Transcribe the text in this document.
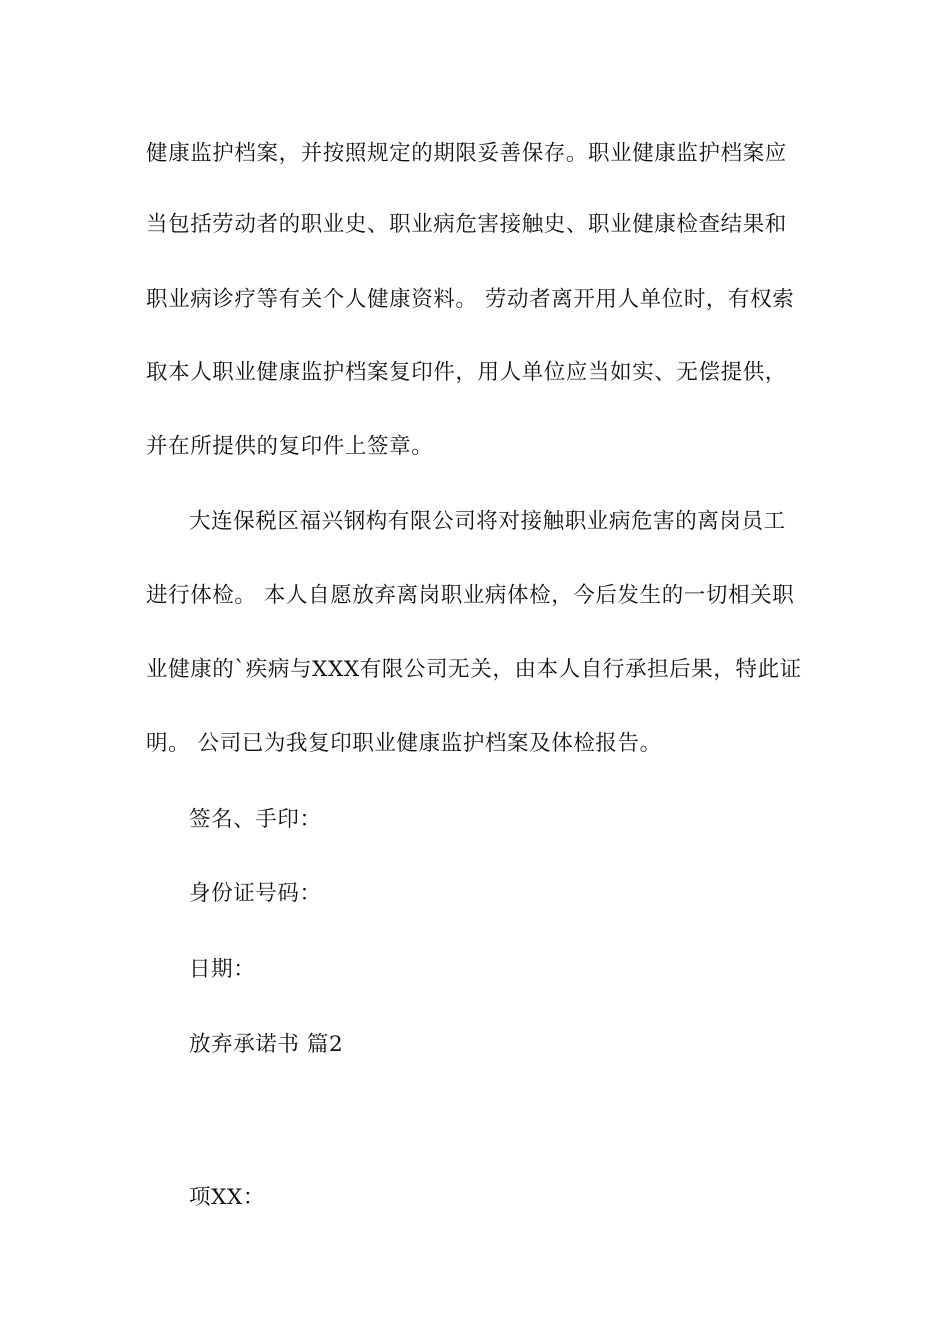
健康监护档案，并按照规定的期限妥善保存。职业健康监护档案应
当包括劳动者的职业史、职业病危害接触史、职业健康检查结果和
职业病诊疗等有关个人健康资料。 劳动者离开用人单位时，有权索
取本人职业健康监护档案复印件，用人单位应当如实、无偿提供，
并在所提供的复印件上签章。
大连保税区福兴钢构有限公司将对接触职业病危害的离岗员工
进行体检。 本人自愿放弃离岗职业病体检，今后发生的一切相关职
业健康的`疾病与XXX有限公司无关，由本人自行承担后果，特此证
明。 公司已为我复印职业健康监护档案及体检报告。
签名、手印：
身份证号码：
日期：
放弃承诺书 篇2
项XX：
